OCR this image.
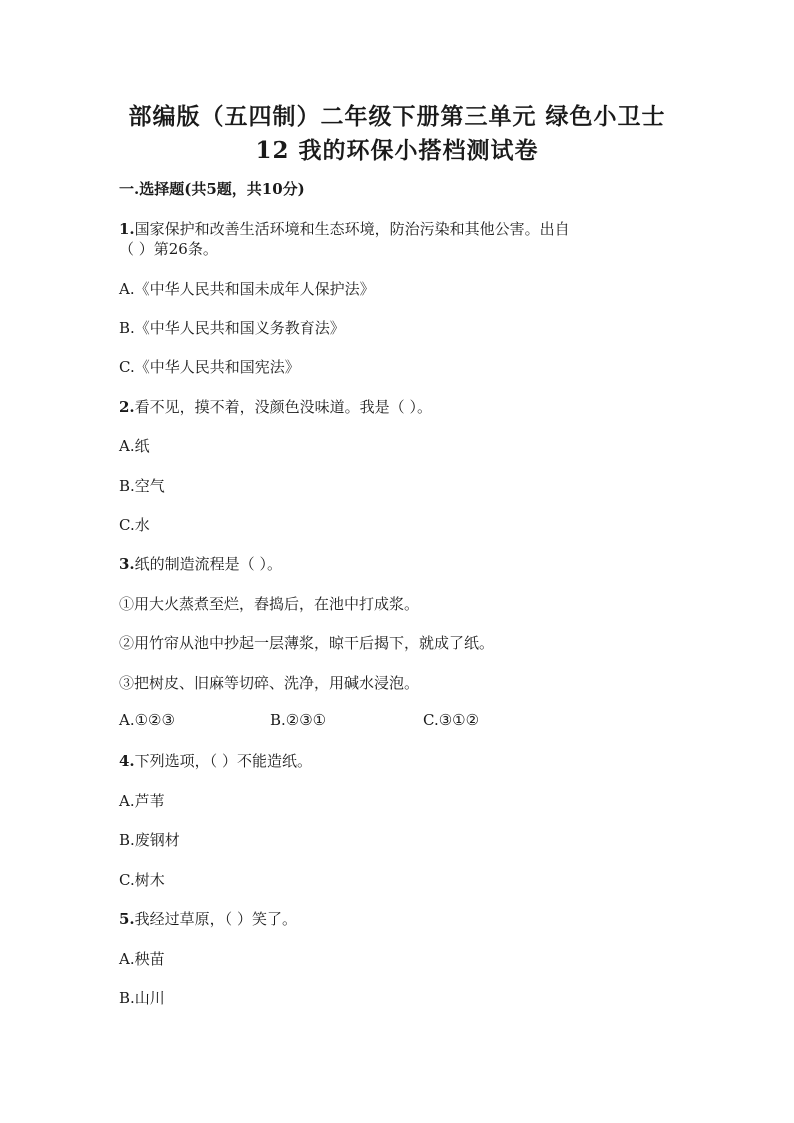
部编版（五四制）二年级下册第三单元 绿色小卫士
12 我的环保小搭档测试卷
一.选择题(共5题，共10分)
1.国家保护和改善生活环境和生态环境，防治污染和其他公害。出自
（ ）第26条。
A.《中华人民共和国未成年人保护法》
B.《中华人民共和国义务教育法》
C.《中华人民共和国宪法》
2.看不见，摸不着，没颜色没味道。我是（ ）。
A.纸
B.空气
C.水
3.纸的制造流程是（ ）。
①用大火蒸煮至烂，舂捣后，在池中打成浆。
②用竹帘从池中抄起一层薄浆，晾干后揭下，就成了纸。
③把树皮、旧麻等切碎、洗净，用碱水浸泡。
A.①②③	B.②③①	C.③①②
4.下列选项，（ ）不能造纸。
A.芦苇
B.废钢材
C.树木
5.我经过草原，（ ）笑了。
A.秧苗
B.山川
